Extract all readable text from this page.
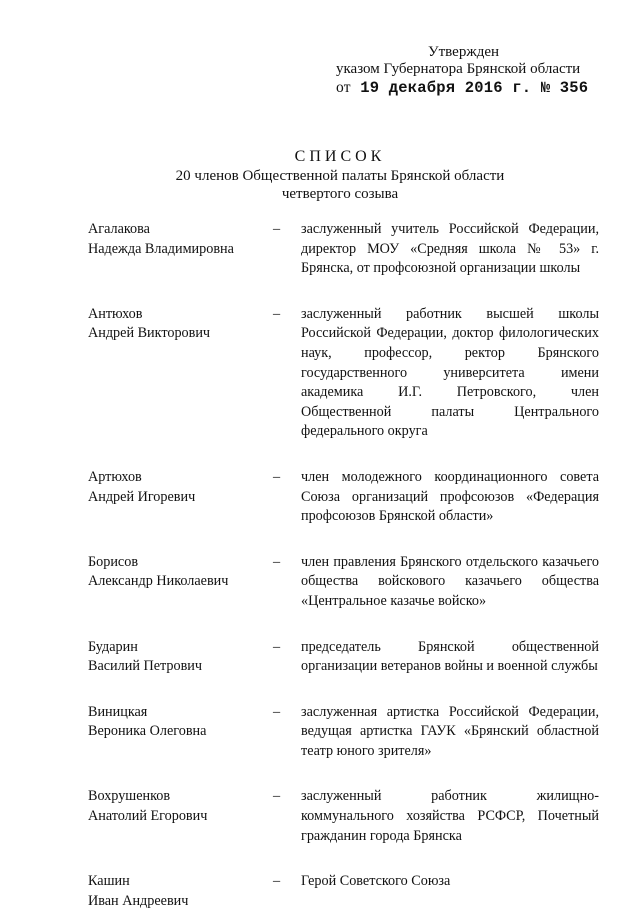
Утвержден
указом Губернатора Брянской области
от 19 декабря 2016 г. № 356
СПИСОК
20 членов Общественной палаты Брянской области
четвертого созыва
Агалакова
Надежда Владимировна
–	заслуженный учитель Российской Федерации, директор МОУ «Средняя школа № 53» г. Брянска, от профсоюзной организации школы
Антюхов
Андрей Викторович
–	заслуженный работник высшей школы Российской Федерации, доктор филологических наук, профессор, ректор Брянского государственного университета имени академика И.Г. Петровского, член Общественной палаты Центрального федерального округа
Артюхов
Андрей Игоревич
–	член молодежного координационного совета Союза организаций профсоюзов «Федерация профсоюзов Брянской области»
Борисов
Александр Николаевич
–	член правления Брянского отдельского казачьего общества войскового казачьего общества «Центральное казачье войско»
Бударин
Василий Петрович
–	председатель Брянской общественной организации ветеранов войны и военной службы
Виницкая
Вероника Олеговна
–	заслуженная артистка Российской Федерации, ведущая артистка ГАУК «Брянский областной театр юного зрителя»
Вохрушенков
Анатолий Егорович
–	заслуженный работник жилищно-коммунального хозяйства РСФСР, Почетный гражданин города Брянска
Кашин
Иван Андреевич
–	Герой Советского Союза
